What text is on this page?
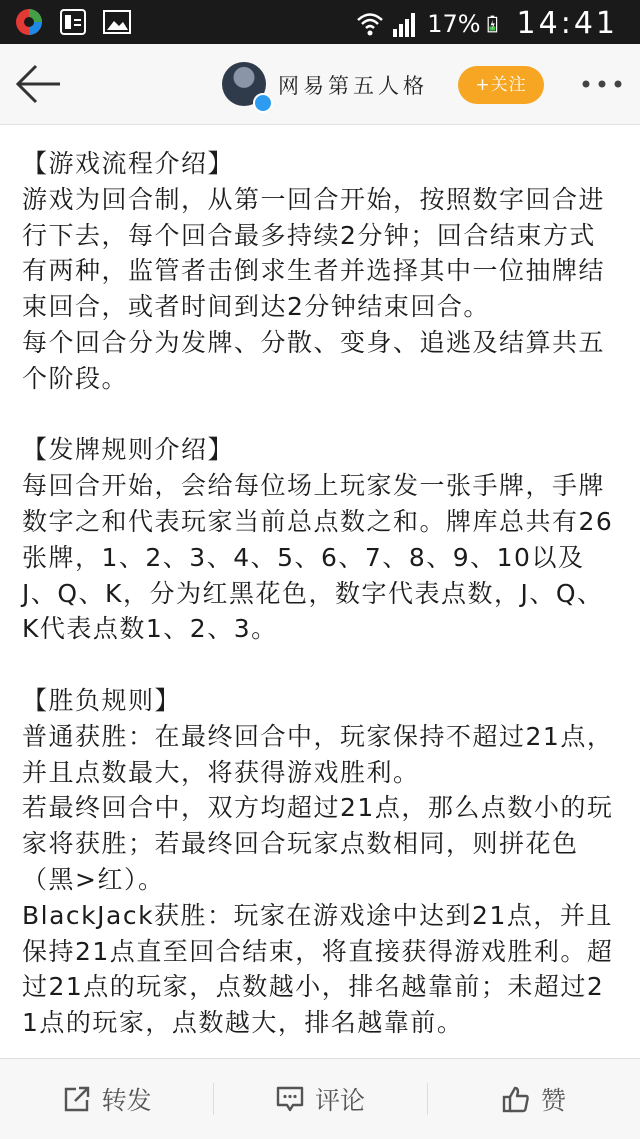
17% 14:41
网易第五人格	+关注

【游戏流程介绍】

游戏为回合制，从第一回合开始，按照数字回合进行下去，每个回合最多持续2分钟；回合结束方式有两种，监管者击倒求生者并选择其中一位抽牌结束回合，或者时间到达2分钟结束回合。

每个回合分为发牌、分散、变身、追逃及结算共五个阶段。

【发牌规则介绍】

每回合开始，会给每位场上玩家发一张手牌，手牌数字之和代表玩家当前总点数之和。牌库总共有26张牌，1、2、3、4、5、6、7、8、9、10以及J、Q、K，分为红黑花色，数字代表点数，J、Q、K代表点数1、2、3。

【胜负规则】

普通获胜：在最终回合中，玩家保持不超过21点，并且点数最大，将获得游戏胜利。

若最终回合中，双方均超过21点，那么点数小的玩家将获胜；若最终回合玩家点数相同，则拼花色（黑>红）。

BlackJack获胜：玩家在游戏途中达到21点，并且保持21点直至回合结束，将直接获得游戏胜利。超过21点的玩家，点数越小，排名越靠前；未超过21点的玩家，点数越大，排名越靠前。

转发	评论	赞
